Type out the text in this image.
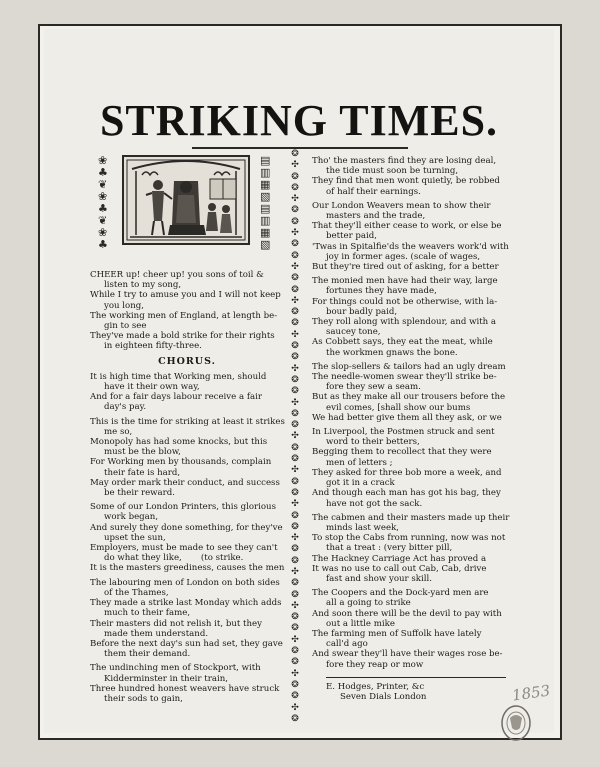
STRIKING TIMES.
❀
♣
❦
❀
♣
❦
❀
♣
▤
▥
▦
▧
▤
▥
▦
▧
❂
✣
❂
❂
✣
❂
❂
✣
❂
❂
✣
❂
❂
✣
❂
❂
✣
❂
❂
✣
❂
❂
✣
❂
❂
✣
❂
❂
✣
❂
❂
✣
❂
❂
✣
❂
❂
✣
❂
❂
✣
❂
❂
✣
❂
❂
✣
❂
❂
✣
❂
CHEER up! cheer up! you sons of toil &
listen to my song,
While I try to amuse you and I will not keep
you long,
The working men of England, at length be-
gin to see
They've made a bold strike for their rights
in eighteen fifty-three.
CHORUS.
It is high time that Working men, should
have it their own way,
And for a fair days labour receive a fair
day's pay.
This is the time for striking at least it strikes
me so,
Monopoly has had some knocks, but this
must be the blow,
For Working men by thousands, complain
their fate is hard,
May order mark their conduct, and success
be their reward.
Some of our London Printers, this glorious
work began,
And surely they done something, for they've
upset the sun,
Employers, must be made to see they can't
do what they like, (to strike.
It is the masters greediness, causes the men
The labouring men of London on both sides
of the Thames,
They made a strike last Monday which adds
much to their fame,
Their masters did not relish it, but they
made them understand.
Before the next day's sun had set, they gave
them their demand.
The undinching men of Stockport, with
Kidderminster in their train,
Three hundred honest weavers have struck
their sods to gain,
Tho' the masters find they are losing deal,
the tide must soon be turning,
They find that men wont quietly, be robbed
of half their earnings.
Our London Weavers mean to show their
masters and the trade,
That they'll either cease to work, or else be
better paid,
'Twas in Spitalfie'ds the weavers work'd with
joy in former ages. (scale of wages,
But they're tired out of asking, for a better
The monied men have had their way, large
fortunes they have made,
For things could not be otherwise, with la-
bour badly paid,
They roll along with splendour, and with a
saucey tone,
As Cobbett says, they eat the meat, while
the workmen gnaws the bone.
The slop-sellers & tailors had an ugly dream
The needle-women swear they'll strike be-
fore they sew a seam.
But as they make all our trousers before the
evil comes, [shall show our bums
We had better give them all they ask, or we
In Liverpool, the Postmen struck and sent
word to their betters,
Begging them to recollect that they were
men of letters ;
They asked for three bob more a week, and
got it in a crack
And though each man has got his bag, they
have not got the sack.
The cabmen and their masters made up their
minds last week,
To stop the Cabs from running, now was not
that a treat : (very bitter pill,
The Hackney Carriage Act has proved a
It was no use to call out Cab, Cab, drive
fast and show your skill.
The Coopers and the Dock-yard men are
all a going to strike
And soon there will be the devil to pay with
out a little mike
The farming men of Suffolk have lately
call'd ago
And swear they'll have their wages rose be-
fore they reap or mow
E. Hodges, Printer, &c
Seven Dials London	1853
